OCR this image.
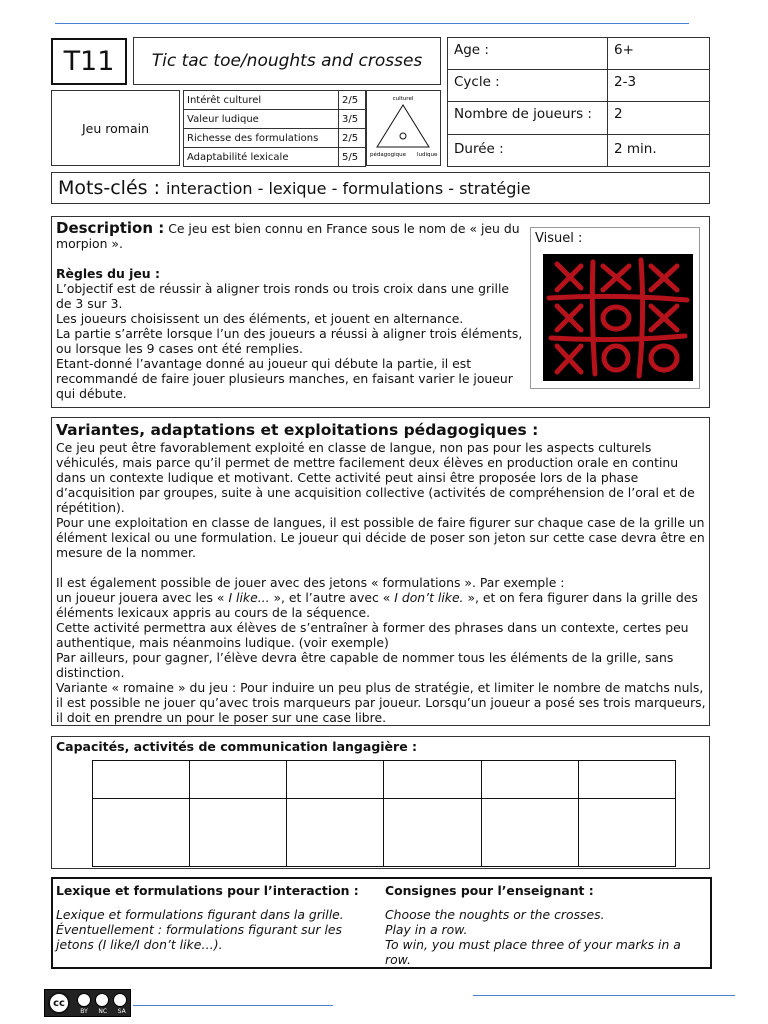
T11 Tic tac toe/noughts and crosses
Jeu romain
Intérêt culturel	2/5
Valeur ludique	3/5
Richesse des formulations	2/5
Adaptabilité lexicale	5/5
culturel
pédagogique ludique
Age :	6+
Cycle :	2-3
Nombre de joueurs :	2
Durée :	2 min.
Mots-clés : interaction - lexique - formulations - stratégie

Description : Ce jeu est bien connu en France sous le nom de « jeu du morpion ».

Règles du jeu :

L’objectif est de réussir à aligner trois ronds ou trois croix dans une grille de 3 sur 3.

Les joueurs choisissent un des éléments, et jouent en alternance.

La partie s’arrête lorsque l’un des joueurs a réussi à aligner trois éléments, ou lorsque les 9 cases ont été remplies.

Etant-donné l’avantage donné au joueur qui débute la partie, il est recommandé de faire jouer plusieurs manches, en faisant varier le joueur qui débute.

Visuel :

Variantes, adaptations et exploitations pédagogiques :

Ce jeu peut être favorablement exploité en classe de langue, non pas pour les aspects culturels véhiculés, mais parce qu’il permet de mettre facilement deux élèves en production orale en continu dans un contexte ludique et motivant. Cette activité peut ainsi être proposée lors de la phase d’acquisition par groupes, suite à une acquisition collective (activités de compréhension de l’oral et de répétition).

Pour une exploitation en classe de langues, il est possible de faire figurer sur chaque case de la grille un élément lexical ou une formulation. Le joueur qui décide de poser son jeton sur cette case devra être en mesure de la nommer.

Il est également possible de jouer avec des jetons « formulations ». Par exemple :

un joueur jouera avec les « I like... », et l’autre avec « I don’t like. », et on fera figurer dans la grille des éléments lexicaux appris au cours de la séquence.

Cette activité permettra aux élèves de s’entraîner à former des phrases dans un contexte, certes peu authentique, mais néanmoins ludique. (voir exemple)

Par ailleurs, pour gagner, l’élève devra être capable de nommer tous les éléments de la grille, sans distinction.

Variante « romaine » du jeu : Pour induire un peu plus de stratégie, et limiter le nombre de matchs nuls, il est possible ne jouer qu’avec trois marqueurs par joueur. Lorsqu’un joueur a posé ses trois marqueurs, il doit en prendre un pour le poser sur une case libre.

Capacités, activités de communication langagière :

Lexique et formulations pour l’interaction :

Lexique et formulations figurant dans la grille.

Éventuellement : formulations figurant sur les jetons (I like/I don’t like…).

Consignes pour l’enseignant :

Choose the noughts or the crosses.

Play in a row.

To win, you must place three of your marks in a row.

cc
BY NC SA
